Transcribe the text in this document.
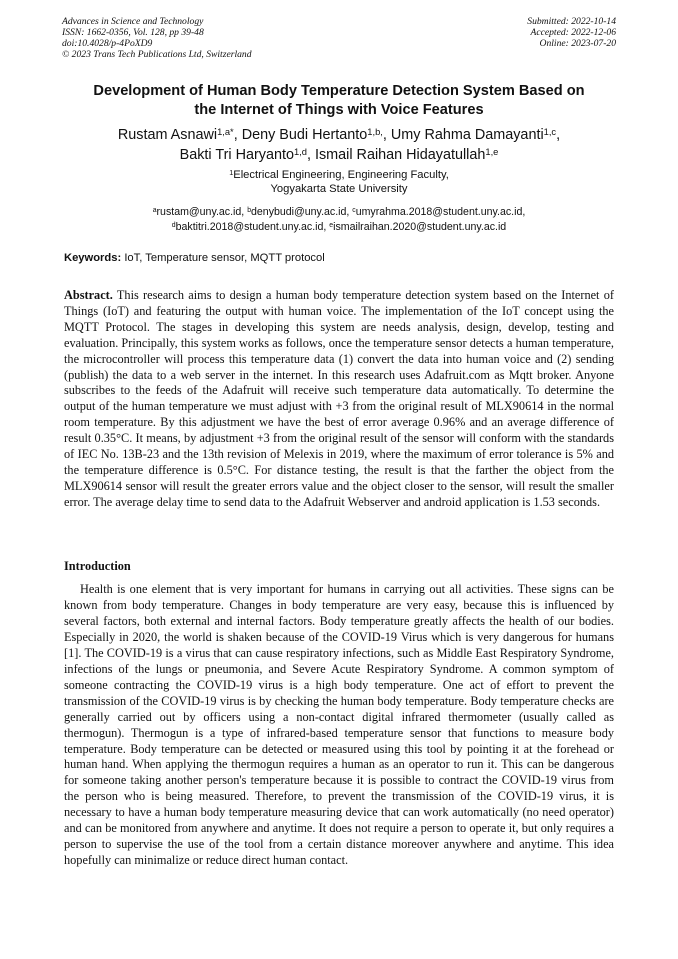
Advances in Science and Technology
ISSN: 1662-0356, Vol. 128, pp 39-48
doi:10.4028/p-4PoXD9
© 2023 Trans Tech Publications Ltd, Switzerland
Submitted: 2022-10-14
Accepted: 2022-12-06
Online: 2023-07-20
Development of Human Body Temperature Detection System Based on
the Internet of Things with Voice Features
Rustam Asnawi$^{1,a*}$, Deny Budi Hertanto$^{1,b,}$, Umy Rahma Damayanti$^{1,c}$,
Bakti Tri Haryanto$^{1,d}$, Ismail Raihan Hidayatullah$^{1,e}$
$^1$Electrical Engineering, Engineering Faculty,
Yogyakarta State University
$^a$rustam@uny.ac.id, $^b$denybudi@uny.ac.id, $^c$umyrahma.2018@student.uny.ac.id,
$^d$baktitri.2018@student.uny.ac.id, $^e$ismailraihan.2020@student.uny.ac.id
Keywords: IoT, Temperature sensor, MQTT protocol
Abstract. This research aims to design a human body temperature detection system based on the Internet of Things (IoT) and featuring the output with human voice. The implementation of the IoT concept using the MQTT Protocol. The stages in developing this system are needs analysis, design, develop, testing and evaluation. Principally, this system works as follows, once the temperature sensor detects a human temperature, the microcontroller will process this temperature data (1) convert the data into human voice and (2) sending (publish) the data to a web server in the internet. In this research uses Adafruit.com as Mqtt broker. Anyone subscribes to the feeds of the Adafruit will receive such temperature data automatically. To determine the output of the human temperature we must adjust with +3 from the original result of MLX90614 in the normal room temperature. By this adjustment we have the best of error average 0.96% and an average difference of result 0.35°C. It means, by adjustment +3 from the original result of the sensor will conform with the standards of IEC No. 13B-23 and the 13th revision of Melexis in 2019, where the maximum of error tolerance is 5% and the temperature difference is 0.5°C. For distance testing, the result is that the farther the object from the MLX90614 sensor will result the greater errors value and the object closer to the sensor, will result the smaller error. The average delay time to send data to the Adafruit Webserver and android application is 1.53 seconds.
Introduction

Health is one element that is very important for humans in carrying out all activities. These signs can be known from body temperature. Changes in body temperature are very easy, because this is influenced by several factors, both external and internal factors. Body temperature greatly affects the health of our bodies. Especially in 2020, the world is shaken because of the COVID-19 Virus which is very dangerous for humans [1]. The COVID-19 is a virus that can cause respiratory infections, such as Middle East Respiratory Syndrome, infections of the lungs or pneumonia, and Severe Acute Respiratory Syndrome. A common symptom of someone contracting the COVID-19 virus is a high body temperature. One act of effort to prevent the transmission of the COVID-19 virus is by checking the human body temperature. Body temperature checks are generally carried out by officers using a non-contact digital infrared thermometer (usually called as thermogun). Thermogun is a type of infrared-based temperature sensor that functions to measure body temperature. Body temperature can be detected or measured using this tool by pointing it at the forehead or human hand. When applying the thermogun requires a human as an operator to run it. This can be dangerous for someone taking another person's temperature because it is possible to contract the COVID-19 virus from the person who is being measured. Therefore, to prevent the transmission of the COVID-19 virus, it is necessary to have a human body temperature measuring device that can work automatically (no need operator) and can be monitored from anywhere and anytime. It does not require a person to operate it, but only requires a person to supervise the use of the tool from a certain distance moreover anywhere and anytime. This idea hopefully can minimalize or reduce direct human contact.
